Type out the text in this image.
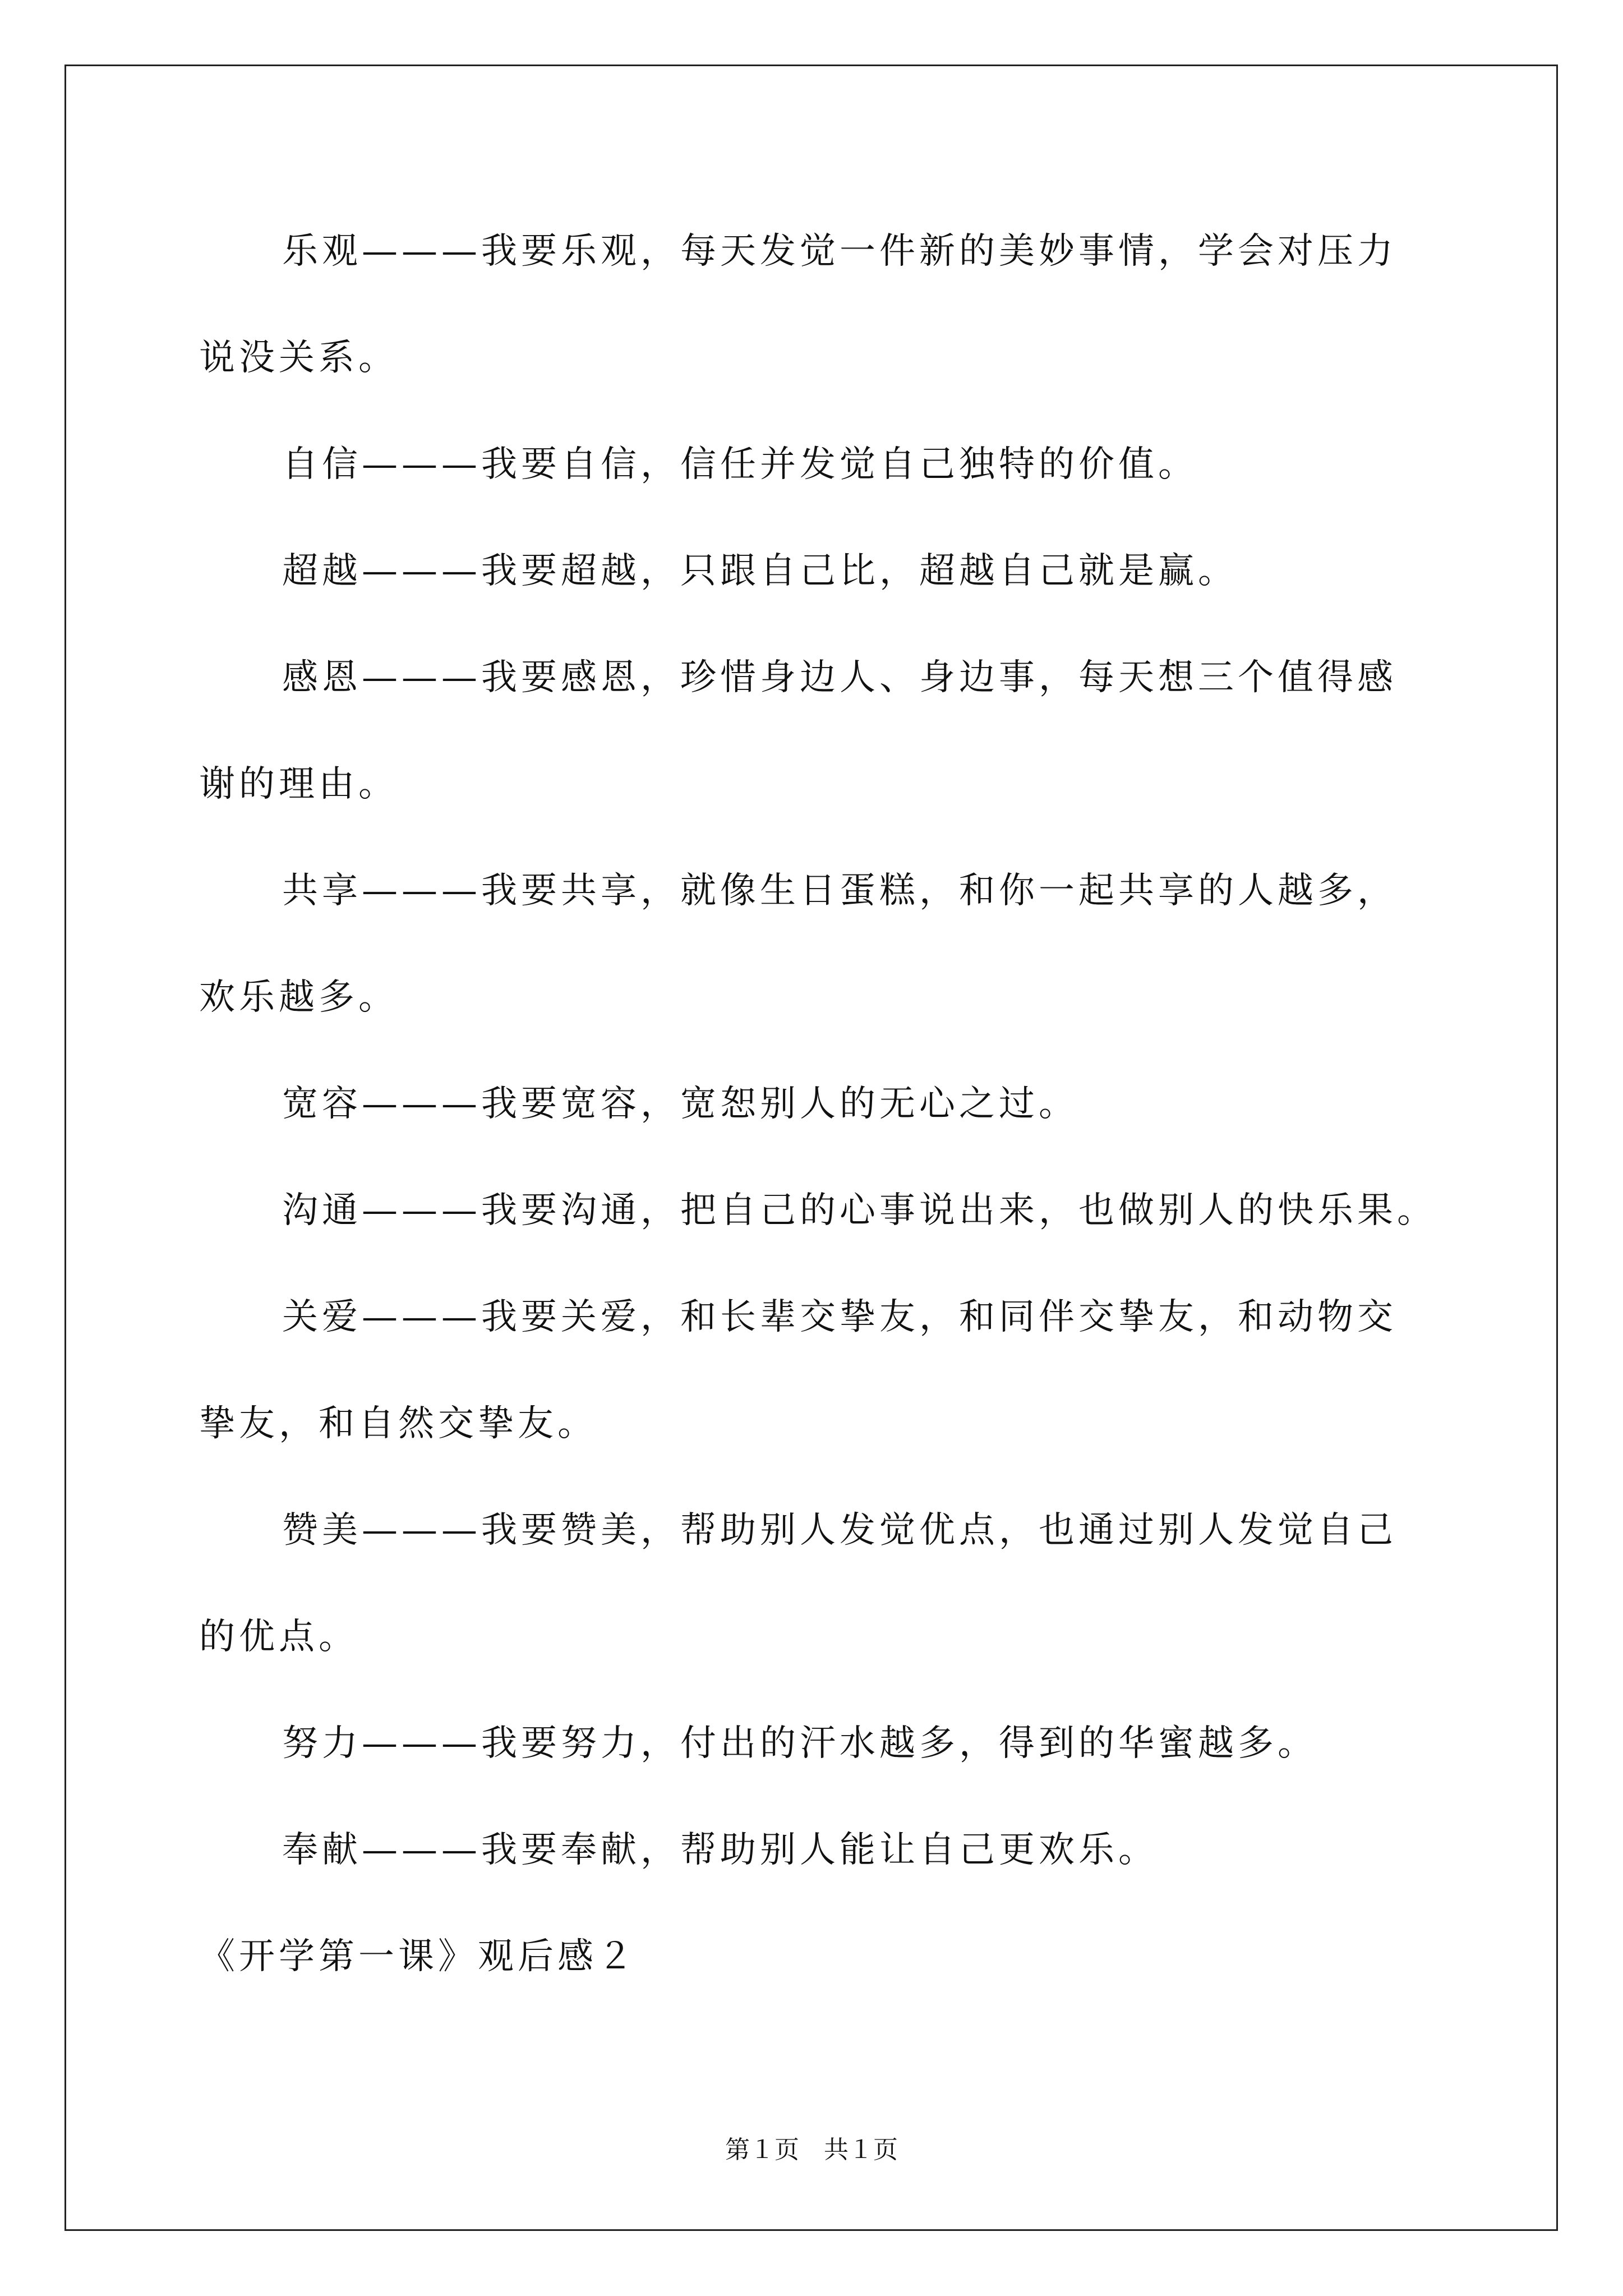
乐观———我要乐观，每天发觉一件新的美妙事情，学会对压力
说没关系。
自信———我要自信，信任并发觉自己独特的价值。
超越———我要超越，只跟自己比，超越自己就是赢。
感恩———我要感恩，珍惜身边人、身边事，每天想三个值得感
谢的理由。
共享———我要共享，就像生日蛋糕，和你一起共享的人越多，
欢乐越多。
宽容———我要宽容，宽恕别人的无心之过。
沟通———我要沟通，把自己的心事说出来，也做别人的快乐果。
关爱———我要关爱，和长辈交挚友，和同伴交挚友，和动物交
挚友，和自然交挚友。
赞美———我要赞美，帮助别人发觉优点，也通过别人发觉自己
的优点。
努力———我要努力，付出的汗水越多，得到的华蜜越多。
奉献———我要奉献，帮助别人能让自己更欢乐。
《开学第一课》观后感２
第１页　共１页
